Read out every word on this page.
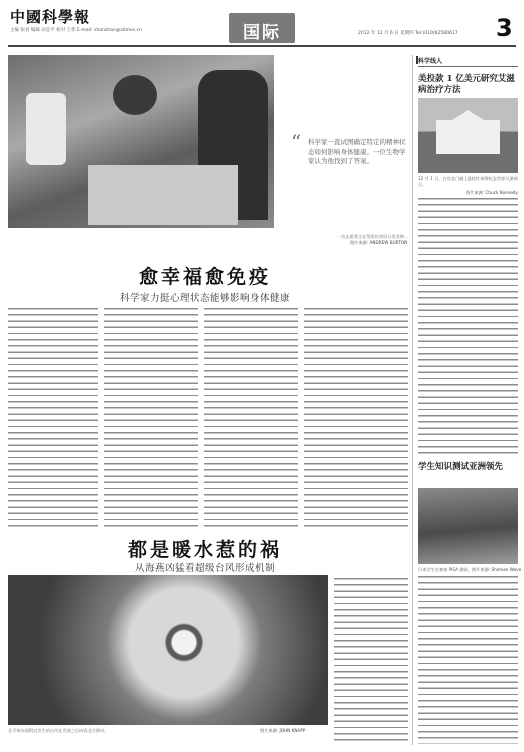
中國科學報
主编 张君 编辑 田宜平 校对 王伟 E-mail: shanshan@stimes.cn	国际	2012 年 12 月 6 日 星期四 Tel:(010)62580617 3
“ 科学家一直试图确定特定的精神状态如何影响身体健康。一位生物学家认为他找到了答案。
一位志愿者正在帮街坊邻居分发食物...
图片来源: ANDREW BURTON
愈幸福愈免疫
科学家力挺心理状态能够影响身体健康
都是暖水惹的祸
从海燕凶猛看超级台风形成机制
北半球赤道附近发生的台风在发展之后向西北方移动。	图片来源: JOHN KNAPP
科学线人
美投款 1 亿美元研究艾滋病治疗方法
12 月 1 日，白宫北门廊上悬挂红丝带纪念世界艾滋病日。
图片来源: Chuck Kennedy
学生知识测试亚洲领先
日本学生在参加 PISA 测试。 图片来源: Shimian Wave
